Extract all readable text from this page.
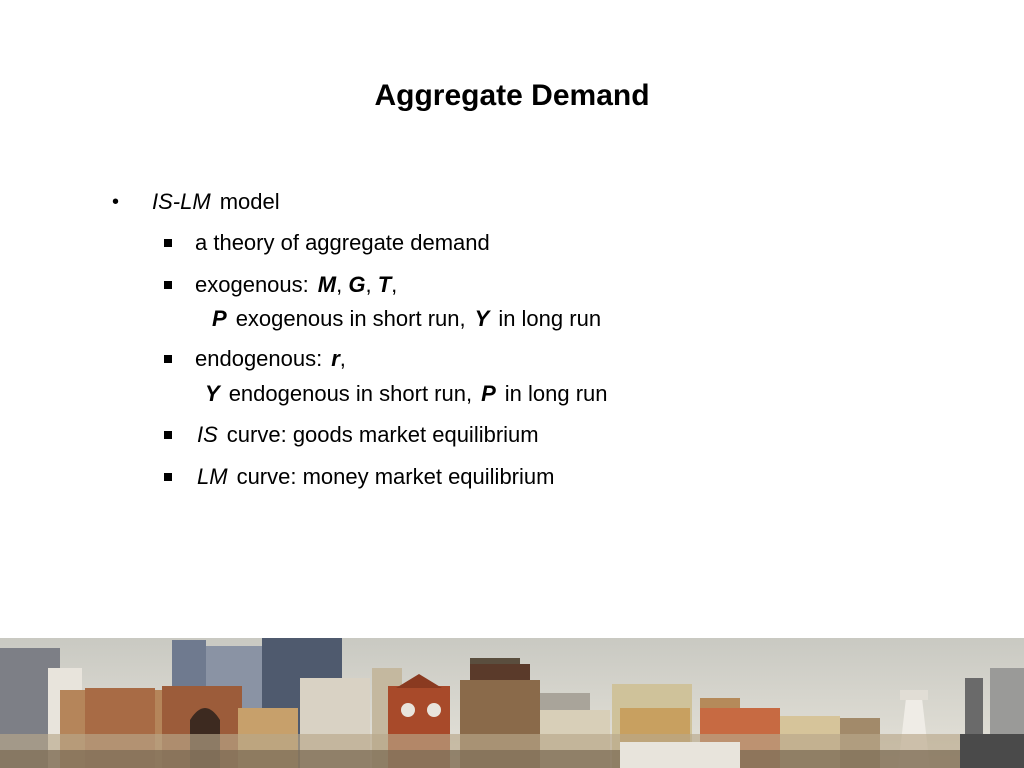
Aggregate Demand
• IS-LM model
a theory of aggregate demand
exogenous: M, G, T,
P exogenous in short run, Y in long run
endogenous: r,
Y endogenous in short run, P in long run
IS curve: goods market equilibrium
LM curve: money market equilibrium
